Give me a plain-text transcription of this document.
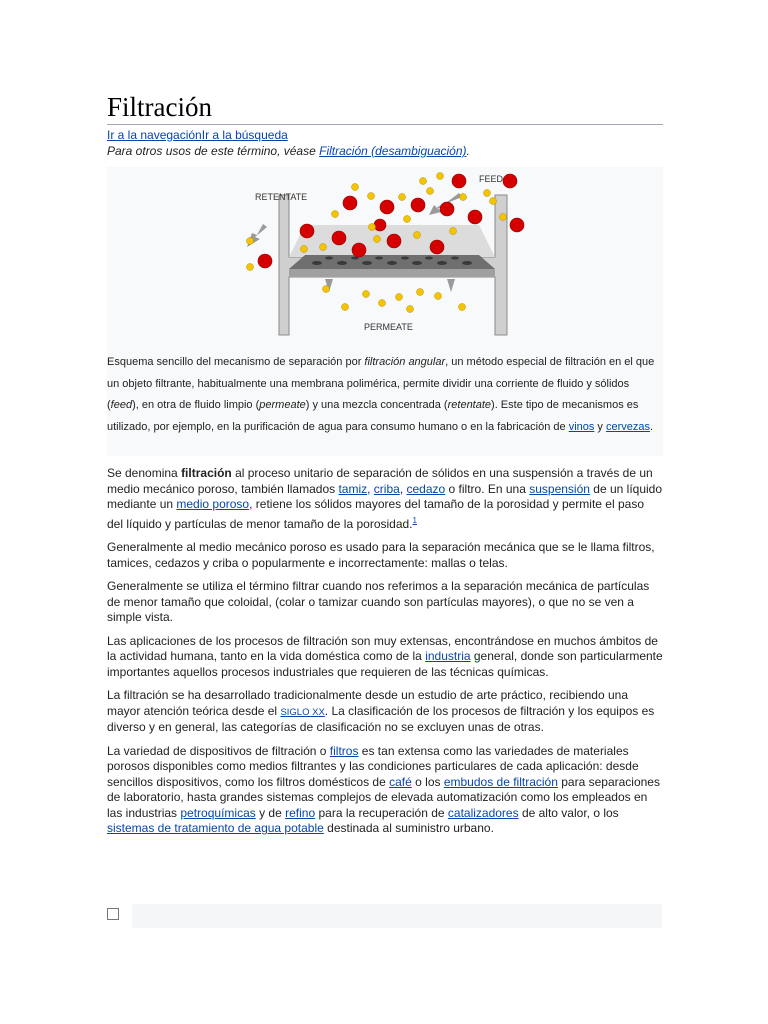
Filtración
Ir a la navegaciónIr a la búsqueda
Para otros usos de este término, véase Filtración (desambiguación).
RETENTATE
FEED
PERMEATE
Esquema sencillo del mecanismo de separación por filtración angular, un método especial de filtración en el que un objeto filtrante, habitualmente una membrana polimérica, permite dividir una corriente de fluido y sólidos (feed), en otra de fluido limpio (permeate) y una mezcla concentrada (retentate). Este tipo de mecanismos es utilizado, por ejemplo, en la purificación de agua para consumo humano o en la fabricación de vinos y cervezas.

Se denomina filtración al proceso unitario de separación de sólidos en una suspensión a través de un medio mecánico poroso, también llamados tamiz, criba, cedazo o filtro. En una suspensión de un líquido mediante un medio poroso, retiene los sólidos mayores del tamaño de la porosidad y permite el paso del líquido y partículas de menor tamaño de la porosidad.$^1$

Generalmente al medio mecánico poroso es usado para la separación mecánica que se le llama filtros, tamices, cedazos y criba o popularmente e incorrectamente: mallas o telas.

Generalmente se utiliza el término filtrar cuando nos referimos a la separación mecánica de partículas de menor tamaño que coloidal, (colar o tamizar cuando son partículas mayores), o que no se ven a simple vista.

Las aplicaciones de los procesos de filtración son muy extensas, encontrándose en muchos ámbitos de la actividad humana, tanto en la vida doméstica como de la industria general, donde son particularmente importantes aquellos procesos industriales que requieren de las técnicas químicas.

La filtración se ha desarrollado tradicionalmente desde un estudio de arte práctico, recibiendo una mayor atención teórica desde el SIGLO XX. La clasificación de los procesos de filtración y los equipos es diverso y en general, las categorías de clasificación no se excluyen unas de otras.

La variedad de dispositivos de filtración o filtros es tan extensa como las variedades de materiales porosos disponibles como medios filtrantes y las condiciones particulares de cada aplicación: desde sencillos dispositivos, como los filtros domésticos de café o los embudos de filtración para separaciones de laboratorio, hasta grandes sistemas complejos de elevada automatización como los empleados en las industrias petroquímicas y de refino para la recuperación de catalizadores de alto valor, o los sistemas de tratamiento de agua potable destinada al suministro urbano.
